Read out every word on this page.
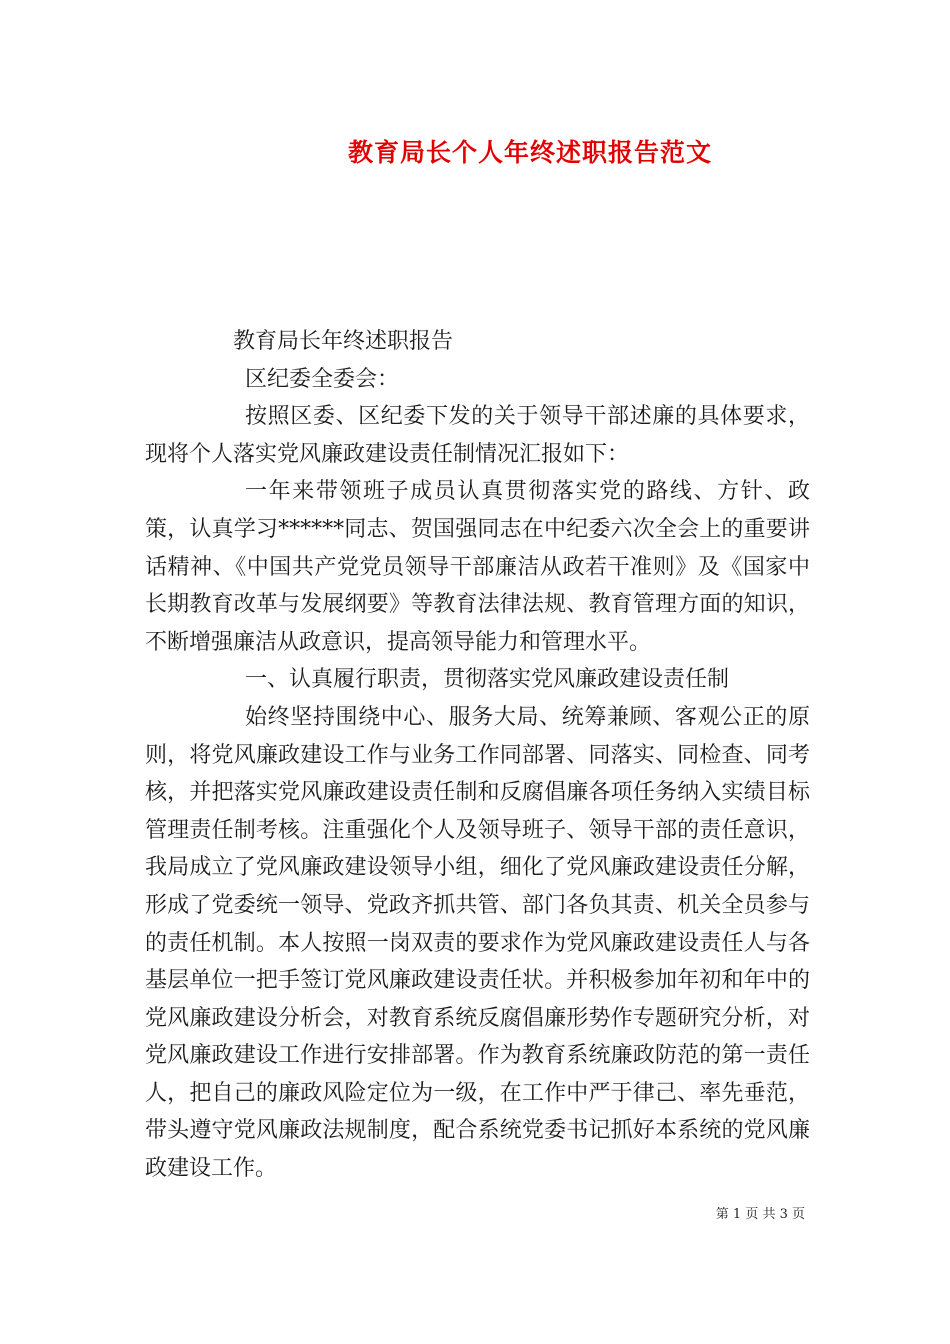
教育局长个人年终述职报告范文

教育局长年终述职报告

区纪委全委会：

按照区委、区纪委下发的关于领导干部述廉的具体要求，现将个人落实党风廉政建设责任制情况汇报如下：

一年来带领班子成员认真贯彻落实党的路线、方针、政策，认真学习******同志、贺国强同志在中纪委六次全会上的重要讲话精神、《中国共产党党员领导干部廉洁从政若干准则》及《国家中长期教育改革与发展纲要》等教育法律法规、教育管理方面的知识，不断增强廉洁从政意识，提高领导能力和管理水平。

一、认真履行职责，贯彻落实党风廉政建设责任制

始终坚持围绕中心、服务大局、统筹兼顾、客观公正的原则，将党风廉政建设工作与业务工作同部署、同落实、同检查、同考核，并把落实党风廉政建设责任制和反腐倡廉各项任务纳入实绩目标管理责任制考核。注重强化个人及领导班子、领导干部的责任意识，我局成立了党风廉政建设领导小组，细化了党风廉政建设责任分解，形成了党委统一领导、党政齐抓共管、部门各负其责、机关全员参与的责任机制。本人按照一岗双责的要求作为党风廉政建设责任人与各基层单位一把手签订党风廉政建设责任状。并积极参加年初和年中的党风廉政建设分析会，对教育系统反腐倡廉形势作专题研究分析，对党风廉政建设工作进行安排部署。作为教育系统廉政防范的第一责任人，把自己的廉政风险定位为一级，在工作中严于律己、率先垂范，带头遵守党风廉政法规制度，配合系统党委书记抓好本系统的党风廉政建设工作。

第 1 页 共 3 页
